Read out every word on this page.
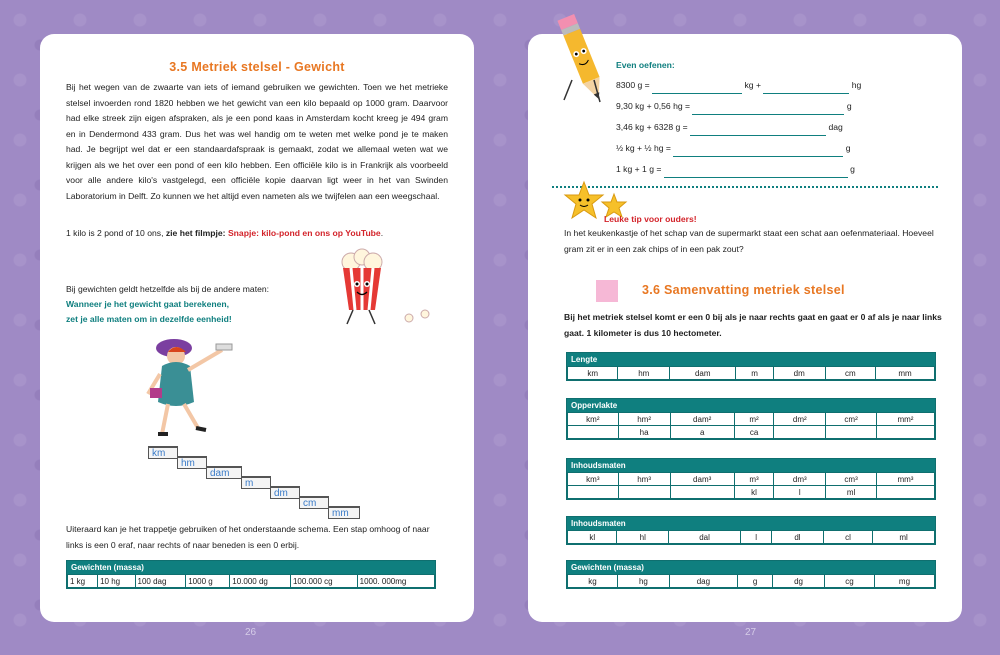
3.5 Metriek stelsel - Gewicht
Bij het wegen van de zwaarte van iets of iemand gebruiken we gewichten. Toen we het metrieke stelsel invoerden rond 1820 hebben we het gewicht van een kilo bepaald op 1000 gram. Daarvoor had elke streek zijn eigen afspraken, als je een pond kaas in Amsterdam kocht kreeg je 494 gram en in Dendermond 433 gram. Dus het was wel handig om te weten met welke pond je te maken had. Je begrijpt wel dat er een standaardafspraak is gemaakt, zodat we allemaal weten wat we krijgen als we het over een pond of een kilo hebben. Een officiële kilo is in Frankrijk als voorbeeld voor alle andere kilo's vastgelegd, een officiële kopie daarvan ligt weer in het van Swinden Laboratorium in Delft. Zo kunnen we het altijd even nameten als we twijfelen aan een weegschaal.
1 kilo is 2 pond of 10 ons, zie het filmpje: Snapje: kilo-pond en ons op YouTube.
Bij gewichten geldt hetzelfde als bij de andere maten:
Wanneer je het gewicht gaat berekenen,
zet je alle maten om in dezelfde eenheid!
km
hm
dam
m
dm
cm
mm
Uiteraard kan je het trappetje gebruiken of het onderstaande schema. Een stap omhoog of naar links is een 0 eraf, naar rechts of naar beneden is een 0 erbij.
Gewichten (massa)
1 kg	10 hg	100 dag	1000 g	10.000 dg	100.000 cg	1000. 000mg
26
Even oefenen:
8300 g =	kg +	hg
9,30 kg + 0,56 hg =	g
3,46 kg + 6328 g =	dag
½ kg + ½ hg =	g
1 kg + 1 g =	g
Leuke tip voor ouders!
In het keukenkastje of het schap van de supermarkt staat een schat aan oefenmateriaal. Hoeveel gram zit er in een zak chips of in een pak zout?
3.6 Samenvatting metriek stelsel
Bij het metriek stelsel komt er een 0 bij als je naar rechts gaat en gaat er 0 af als je naar links gaat. 1 kilometer is dus 10 hectometer.
Lengte
km	hm	dam	m	dm	cm	mm
Oppervlakte
km²	hm²	dam²	m²	dm²	cm²	mm²
	ha	a	ca			
Inhoudsmaten
km³	hm³	dam³	m³	dm³	cm³	mm³
			kl	l	ml	
Inhoudsmaten
kl	hl	dal	l	dl	cl	ml
Gewichten (massa)
kg	hg	dag	g	dg	cg	mg
27
